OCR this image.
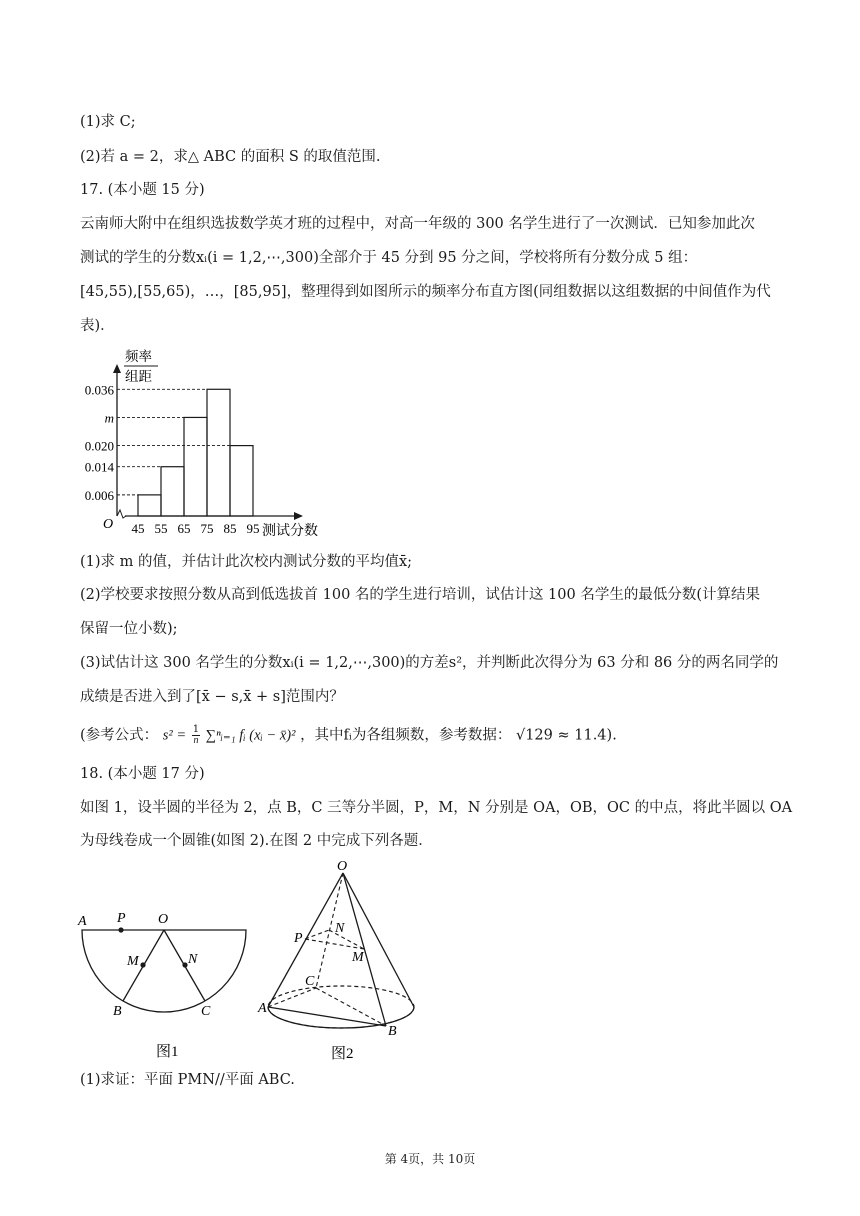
(1)求 C;
(2)若 a = 2，求△ ABC 的面积 S 的取值范围.
17. (本小题 15 分)
云南师大附中在组织选拔数学英才班的过程中，对高一年级的 300 名学生进行了一次测试．已知参加此次
测试的学生的分数xᵢ(i = 1,2,⋯,300)全部介于 45 分到 95 分之间，学校将所有分数分成 5 组：
[45,55),[55,65)，…，[85,95]，整理得到如图所示的频率分布直方图(同组数据以这组数据的中间值作为代
表)．
0.006
0.014
0.020
m
0.036
45 55 65 75 85 95
O	测试分数
频率
组距
(1)求 m 的值，并估计此次校内测试分数的平均值x̄;
(2)学校要求按照分数从高到低选拔首 100 名的学生进行培训，试估计这 100 名学生的最低分数(计算结果
保留一位小数);
(3)试估计这 300 名学生的分数xᵢ(i = 1,2,⋯,300)的方差s²，并判断此次得分为 63 分和 86 分的两名同学的
成绩是否进入到了[x̄ − s,x̄ + s]范围内？
(参考公式： $s^2 = \frac{1}{n}$ ∑ⁿᵢ₌₁ fᵢ (xᵢ − x̄)² ，其中fᵢ为各组频数，参考数据： √129 ≈ 11.4).
18. (本小题 17 分)
如图 1，设半圆的半径为 2，点 B，C 三等分半圆，P，M，N 分别是 OA，OB，OC 的中点，将此半圆以 OA
为母线卷成一个圆锥(如图 2).在图 2 中完成下列各题．
A P O
M	N
B	C
图1
O
N
P
M
C
A
B
图2
(1)求证：平面 PMN//平面 ABC.
第 4页，共 10页
